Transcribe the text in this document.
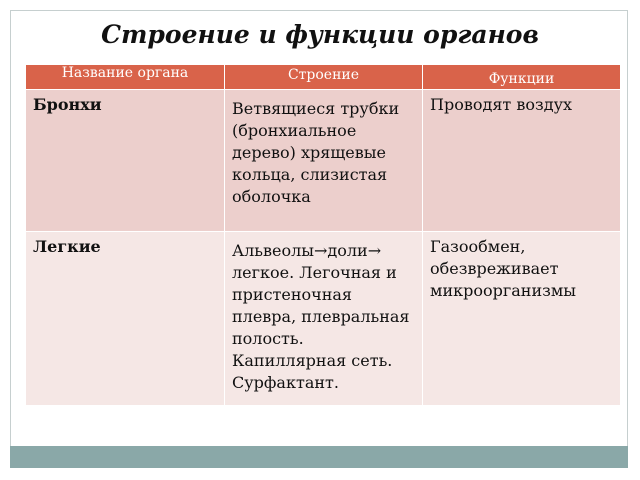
Строение и функции органов
Название органа	Строение	Функции
Бронхи	Ветвящиеся трубки (бронхиальное дерево) хрящевые кольца, слизистая оболочка	Проводят воздух
Легкие	Альвеолы→доли→ легкое. Легочная и пристеночная плевра, плевральная полость. Капиллярная сеть. Сурфактант.	Газообмен, обезвреживает микроорганизмы
